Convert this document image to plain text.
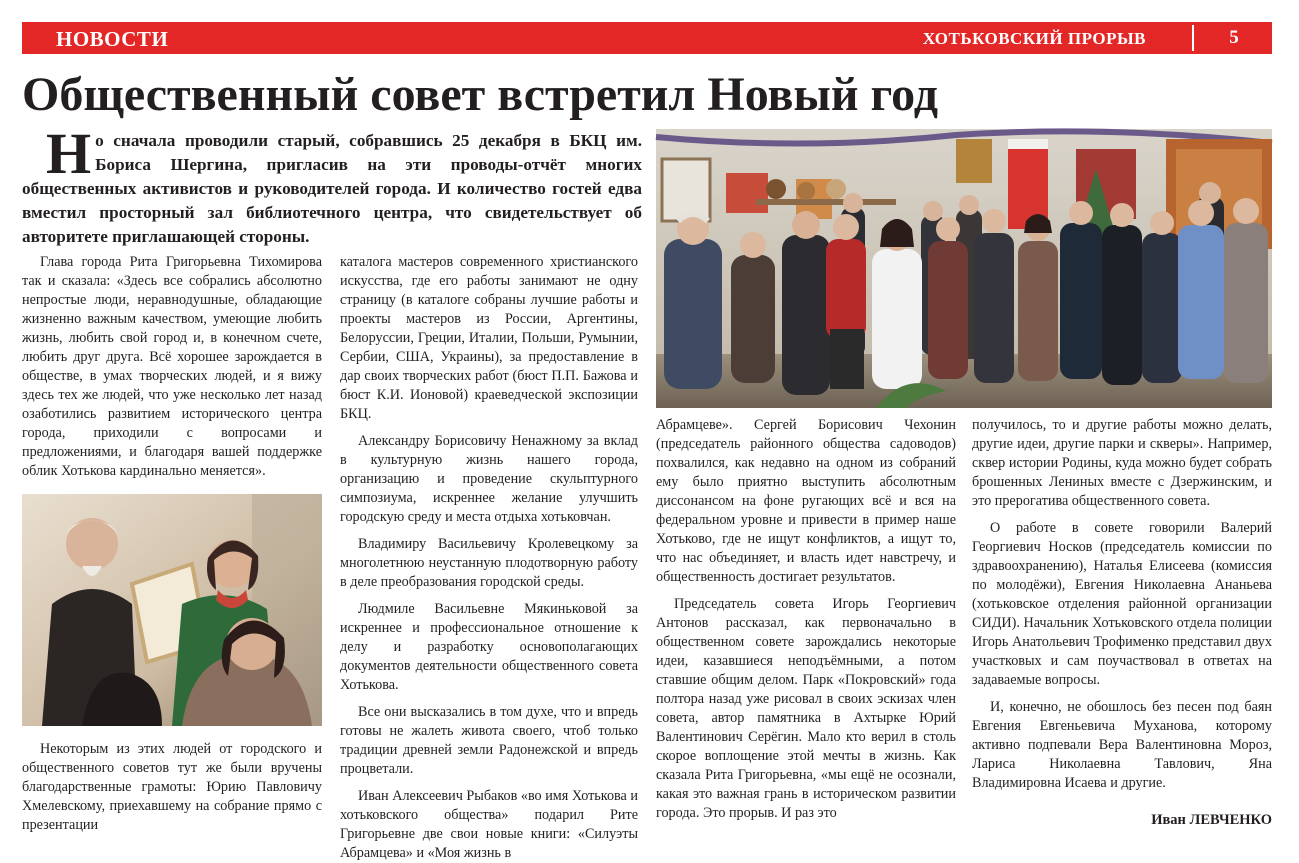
НОВОСТИ	ХОТЬКОВСКИЙ ПРОРЫВ	5
Общественный совет встретил Новый год
Н о сначала проводили старый, собравшись 25 декабря в БКЦ им. Бориса Шергина, пригласив на эти проводы-отчёт многих общественных активистов и руководителей города. И количество гостей едва вместил просторный зал библиотечного центра, что свидетельствует об авторитете приглашающей стороны.

Глава города Рита Григорьевна Тихомирова так и сказала: «Здесь все собрались абсолютно непростые люди, неравнодушные, обладающие жизненно важным качеством, умеющие любить жизнь, любить свой город и, в конечном счете, любить друг друга. Всё хорошее зарождается в обществе, в умах творческих людей, и я вижу здесь тех же людей, что уже несколько лет назад озаботились развитием исторического центра города, приходили с вопросами и предложениями, и благодаря вашей поддержке облик Хотькова кардинально меняется».

Некоторым из этих людей от городского и общественного советов тут же были вручены благодарственные грамоты: Юрию Павловичу Хмелевскому, приехавшему на собрание прямо с презентации

каталога мастеров современного христианского искусства, где его работы занимают не одну страницу (в каталоге собраны лучшие работы и проекты мастеров из России, Аргентины, Белоруссии, Греции, Италии, Польши, Румынии, Сербии, США, Украины), за предоставление в дар своих творческих работ (бюст П.П. Бажова и бюст К.И. Ионовой) краеведческой экспозиции БКЦ.

Александру Борисовичу Ненажному за вклад в культурную жизнь нашего города, организацию и проведение скульптурного симпозиума, искреннее желание улучшить городскую среду и места отдыха хотьковчан.

Владимиру Васильевичу Кролевецкому за многолетнюю неустанную плодотворную работу в деле преобразования городской среды.

Людмиле Васильевне Мякиньковой за искреннее и профессиональное отношение к делу и разработку основополагающих документов деятельности общественного совета Хотькова.

Все они высказались в том духе, что и впредь готовы не жалеть живота своего, чтоб только традиции древней земли Радонежской и впредь процветали.

Иван Алексеевич Рыбаков «во имя Хотькова и хотьковского общества» подарил Рите Григорьевне две свои новые книги: «Силуэты Абрамцева» и «Моя жизнь в

Абрамцеве». Сергей Борисович Чехонин (председатель районного общества садоводов) похвалился, как недавно на одном из собраний ему было приятно выступить абсолютным диссонансом на фоне ругающих всё и вся на федеральном уровне и привести в пример наше Хотьково, где не ищут конфликтов, а ищут то, что нас объединяет, и власть идет навстречу, и общественность достигает результатов.

Председатель совета Игорь Георгиевич Антонов рассказал, как первоначально в общественном совете зарождались некоторые идеи, казавшиеся неподъёмными, а потом ставшие общим делом. Парк «Покровский» года полтора назад уже рисовал в своих эскизах член совета, автор памятника в Ахтырке Юрий Валентинович Серёгин. Мало кто верил в столь скорое воплощение этой мечты в жизнь. Как сказала Рита Григорьевна, «мы ещё не осознали, какая это важная грань в историческом развитии города. Это прорыв. И раз это

получилось, то и другие работы можно делать, другие идеи, другие парки и скверы». Например, сквер истории Родины, куда можно будет собрать брошенных Лениных вместе с Дзержинским, и это прерогатива общественного совета.

О работе в совете говорили Валерий Георгиевич Носков (председатель комиссии по здравоохранению), Наталья Елисеева (комиссия по молодёжи), Евгения Николаевна Ананьева (хотьковское отделения районной организации СИДИ). Начальник Хотьковского отдела полиции Игорь Анатольевич Трофименко представил двух участковых и сам поучаствовал в ответах на задаваемые вопросы.

И, конечно, не обошлось без песен под баян Евгения Евгеньевича Муханова, которому активно подпевали Вера Валентиновна Мороз, Лариса Николаевна Тавлович, Яна Владимировна Исаева и другие.

Иван ЛЕВЧЕНКО
